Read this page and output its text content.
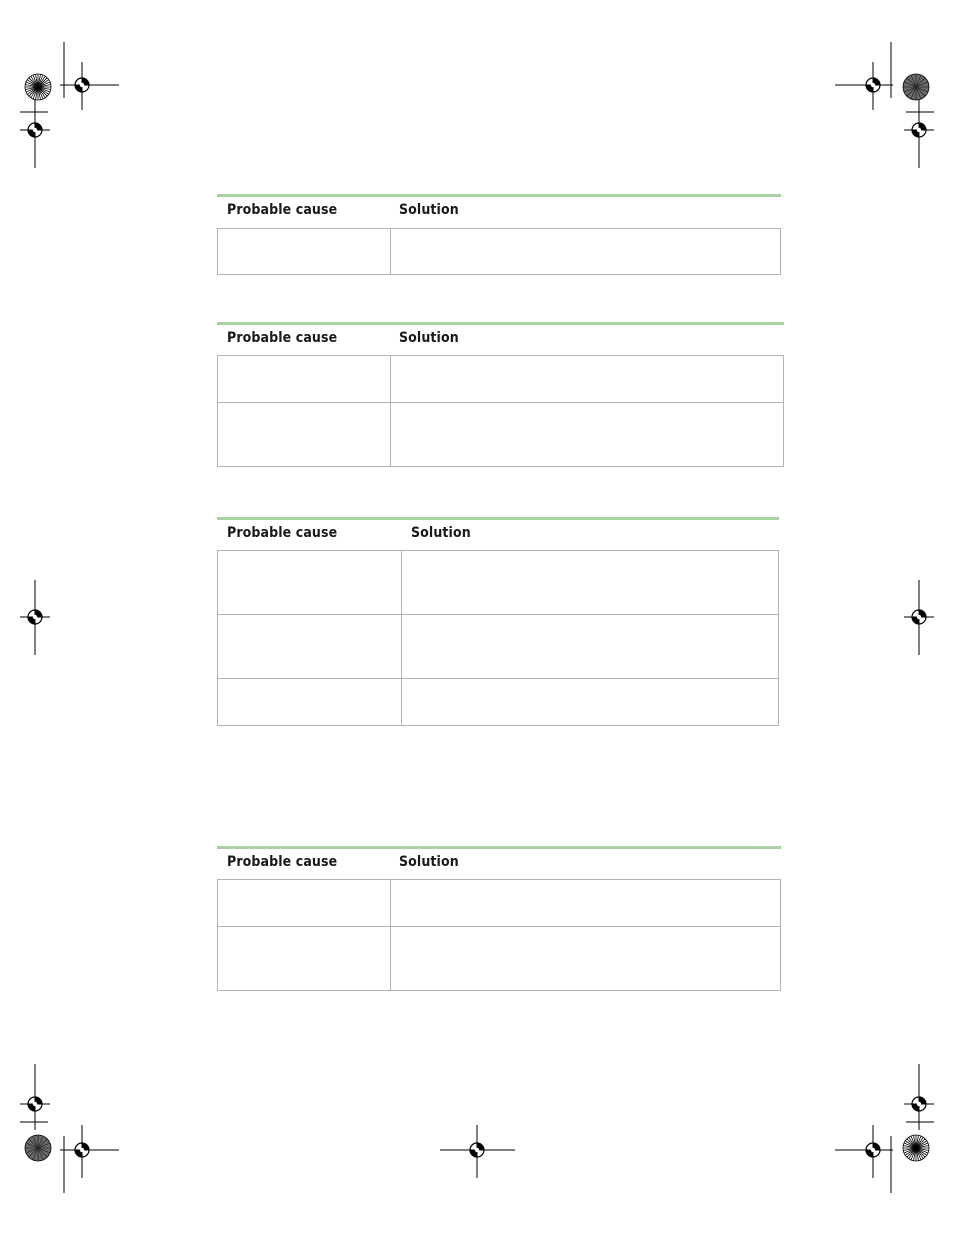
Probable cause	Solution
Probable cause	Solution
Probable cause	Solution
Probable cause	Solution
